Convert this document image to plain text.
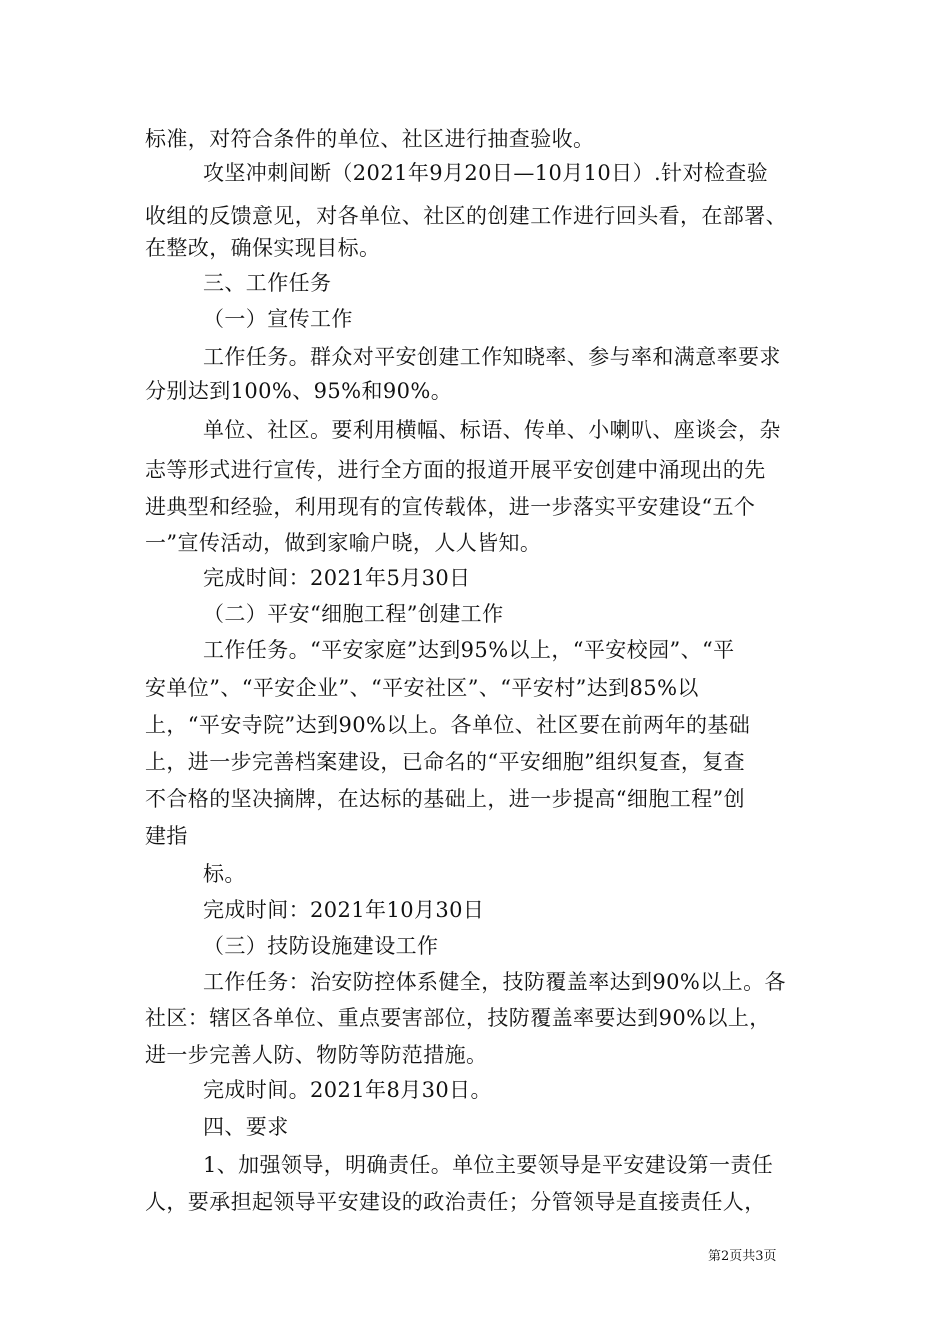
标准，对符合条件的单位、社区进行抽查验收。
攻坚冲刺间断（2021年9月20日—10月10日）.针对检查验
收组的反馈意见，对各单位、社区的创建工作进行回头看，在部署、
在整改，确保实现目标。
三、工作任务
（一）宣传工作
工作任务。群众对平安创建工作知晓率、参与率和满意率要求
分别达到100%、95%和90%。
单位、社区。要利用横幅、标语、传单、小喇叭、座谈会，杂
志等形式进行宣传，进行全方面的报道开展平安创建中涌现出的先
进典型和经验，利用现有的宣传载体，进一步落实平安建设“五个
一”宣传活动，做到家喻户晓，人人皆知。
完成时间：2021年5月30日
（二）平安“细胞工程”创建工作
工作任务。“平安家庭”达到95%以上，“平安校园”、“平
安单位”、“平安企业”、“平安社区”、“平安村”达到85%以
上，“平安寺院”达到90%以上。各单位、社区要在前两年的基础
上，进一步完善档案建设，已命名的“平安细胞”组织复查，复查
不合格的坚决摘牌，在达标的基础上，进一步提高“细胞工程”创
建指
标。
完成时间：2021年10月30日
（三）技防设施建设工作
工作任务：治安防控体系健全，技防覆盖率达到90%以上。各
社区：辖区各单位、重点要害部位，技防覆盖率要达到90%以上，
进一步完善人防、物防等防范措施。
完成时间。2021年8月30日。
四、要求
1、加强领导，明确责任。单位主要领导是平安建设第一责任
人，要承担起领导平安建设的政治责任；分管领导是直接责任人，
第2页共3页
